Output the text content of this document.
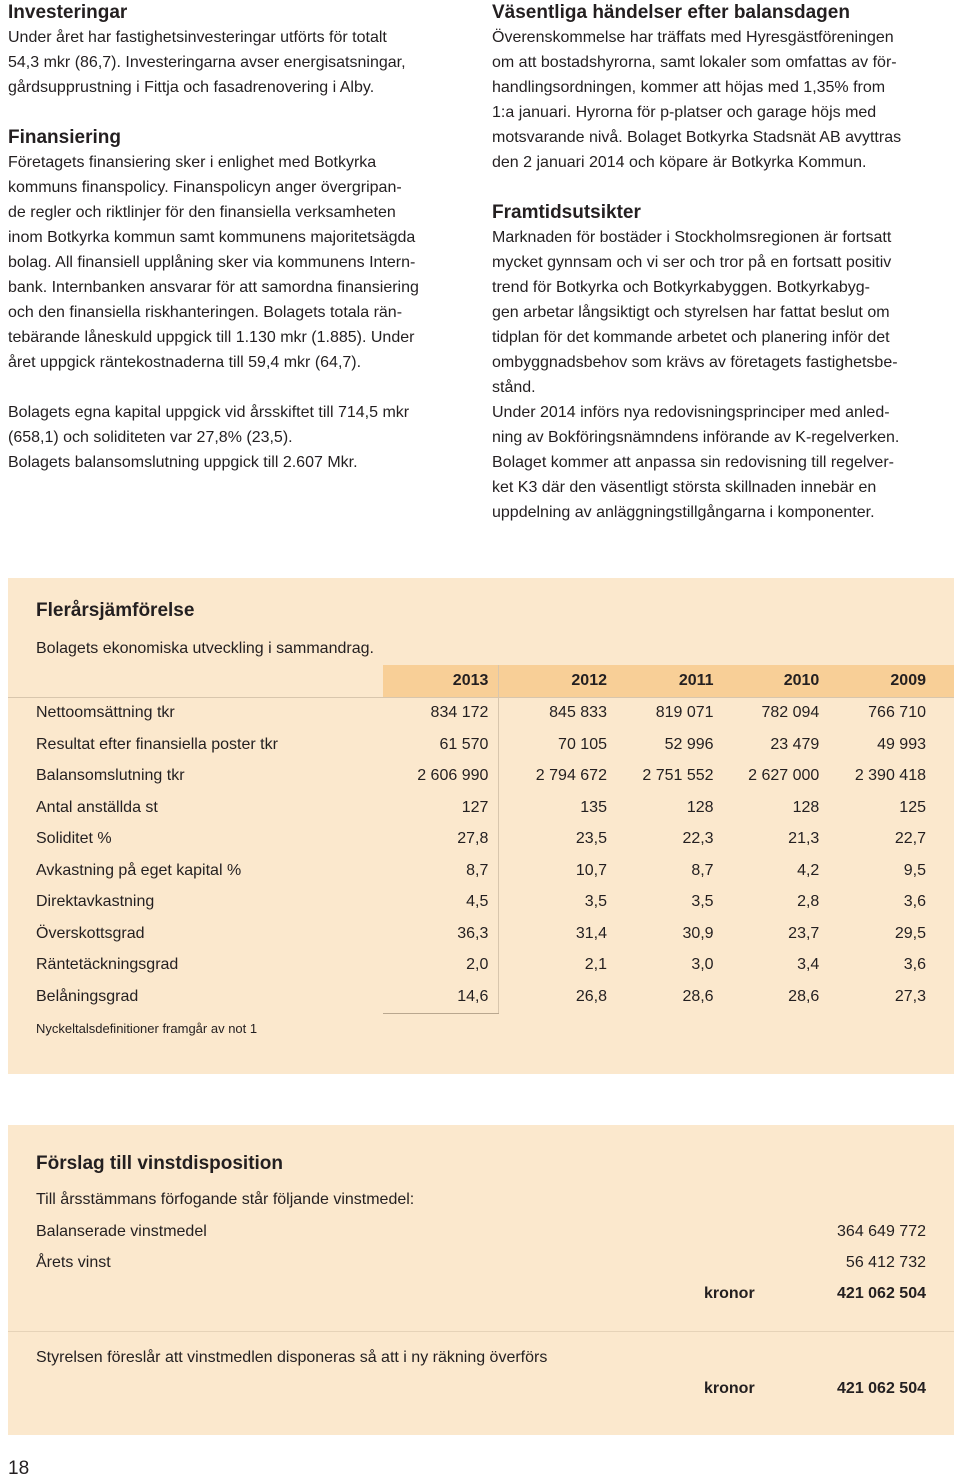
Investeringar

Under året har fastighetsinvesteringar utförts för totalt

54,3 mkr (86,7). Investeringarna avser energisatsningar,

gårdsupprustning i Fittja och fasadrenovering i Alby.

Finansiering

Företagets finansiering sker i enlighet med Botkyrka

kommuns finanspolicy. Finanspolicyn anger övergripan-

de regler och riktlinjer för den finansiella verksamheten

inom Botkyrka kommun samt kommunens majoritetsägda

bolag. All finansiell upplåning sker via kommunens Intern-

bank. Internbanken ansvarar för att samordna finansiering

och den finansiella riskhanteringen. Bolagets totala rän-

tebärande låneskuld uppgick till 1.130 mkr (1.885). Under

året uppgick räntekostnaderna till 59,4 mkr (64,7).

Bolagets egna kapital uppgick vid årsskiftet till 714,5 mkr

(658,1) och soliditeten var 27,8% (23,5).

Bolagets balansomslutning uppgick till 2.607 Mkr.

Väsentliga händelser efter balansdagen

Överenskommelse har träffats med Hyresgästföreningen

om att bostadshyrorna, samt lokaler som omfattas av för-

handlingsordningen, kommer att höjas med 1,35% from

1:a januari. Hyrorna för p-platser och garage höjs med

motsvarande nivå. Bolaget Botkyrka Stadsnät AB avyttras

den 2 januari 2014 och köpare är Botkyrka Kommun.

Framtidsutsikter

Marknaden för bostäder i Stockholmsregionen är fortsatt

mycket gynnsam och vi ser och tror på en fortsatt positiv

trend för Botkyrka och Botkyrkabyggen. Botkyrkabyg-

gen arbetar långsiktigt och styrelsen har fattat beslut om

tidplan för det kommande arbetet och planering inför det

ombyggnadsbehov som krävs av företagets fastighetsbe-

stånd.

Under 2014 införs nya redovisningsprinciper med anled-

ning av Bokföringsnämndens införande av K-regelverken.

Bolaget kommer att anpassa sin redovisning till regelver-

ket K3 där den väsentligt största skillnaden innebär en

uppdelning av anläggningstillgångarna i komponenter.

Flerårsjämförelse
Bolagets ekonomiska utveckling i sammandrag.
	2013	2012	2011	2010	2009
Nettoomsättning tkr	834 172	845 833	819 071	782 094	766 710
Resultat efter finansiella poster tkr	61 570	70 105	52 996	23 479	49 993
Balansomslutning tkr	2 606 990	2 794 672	2 751 552	2 627 000	2 390 418
Antal anställda st	127	135	128	128	125
Soliditet %	27,8	23,5	22,3	21,3	22,7
Avkastning på eget kapital %	8,7	10,7	8,7	4,2	9,5
Direktavkastning	4,5	3,5	3,5	2,8	3,6
Överskottsgrad	36,3	31,4	30,9	23,7	29,5
Räntetäckningsgrad	2,0	2,1	3,0	3,4	3,6
Belåningsgrad	14,6	26,8	28,6	28,6	27,3
Nyckeltalsdefinitioner framgår av not 1
Förslag till vinstdisposition
Till årsstämmans förfogande står följande vinstmedel:
Balanserade vinstmedel	364 649 772
Årets vinst	56 412 732
kronor	421 062 504
Styrelsen föreslår att vinstmedlen disponeras så att i ny räkning överförs
kronor	421 062 504
18
